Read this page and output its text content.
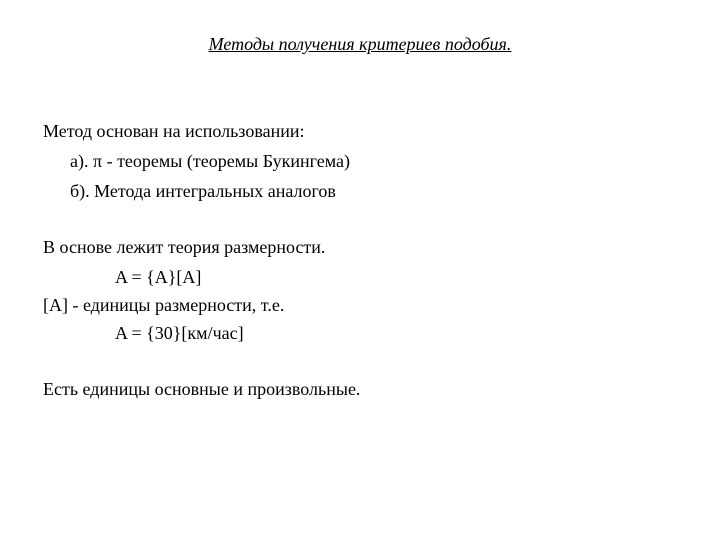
Методы получения критериев подобия.
Метод основан на использовании:
а). π - теоремы (теоремы Букингема)
б). Метода интегральных аналогов
В основе лежит теория размерности.
A = {A}[A]
[A] - единицы размерности, т.е.
A = {30}[км/час]
Есть единицы основные и произвольные.
